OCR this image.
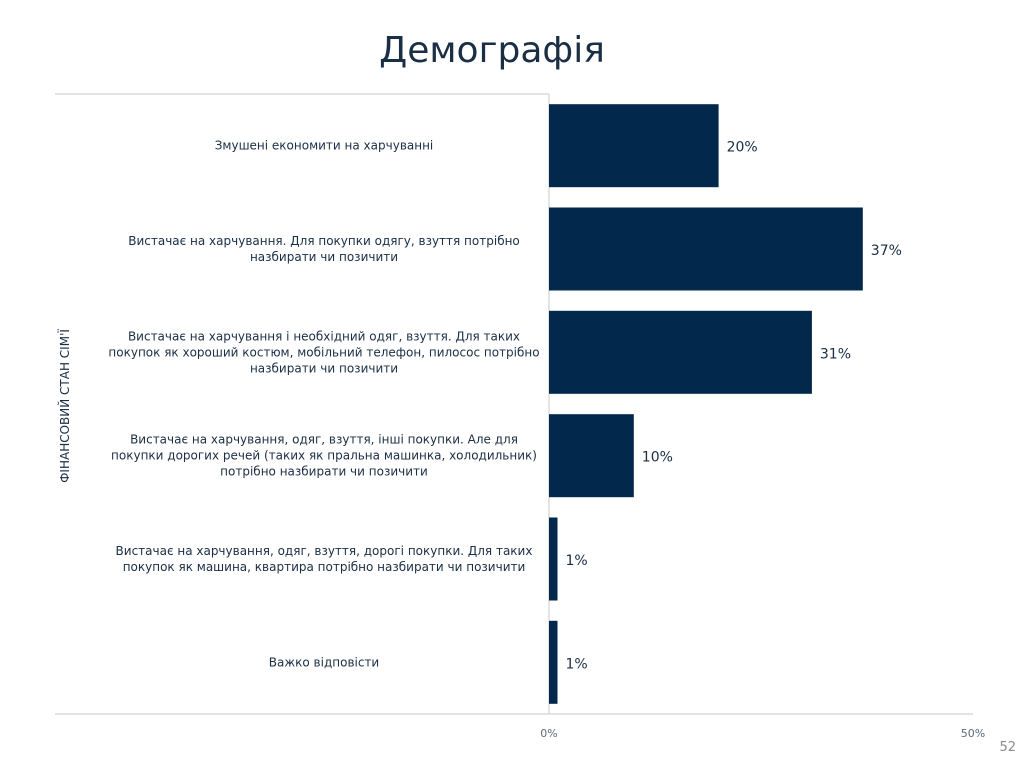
Демографія
Змушені економити на харчуванні
Вистачає на харчування. Для покупки одягу, взуття потрібно назбирати чи позичити
Вистачає на харчування і необхідний одяг, взуття. Для таких покупок як хороший костюм, мобільний телефон, пилосос потрібно назбирати чи позичити
Вистачає на харчування, одяг, взуття, інші покупки. Але для покупки дорогих речей (таких як пральна машинка, холодильник) потрібно назбирати чи позичити
Вистачає на харчування, одяг, взуття, дорогі покупки. Для таких покупок як машина, квартира потрібно назбирати чи позичити
Важко відповісти
20%
37%
31%
10%
1%
1%
0%	50%
ФІНАНСОВИЙ СТАН СІМ'Ї
52
